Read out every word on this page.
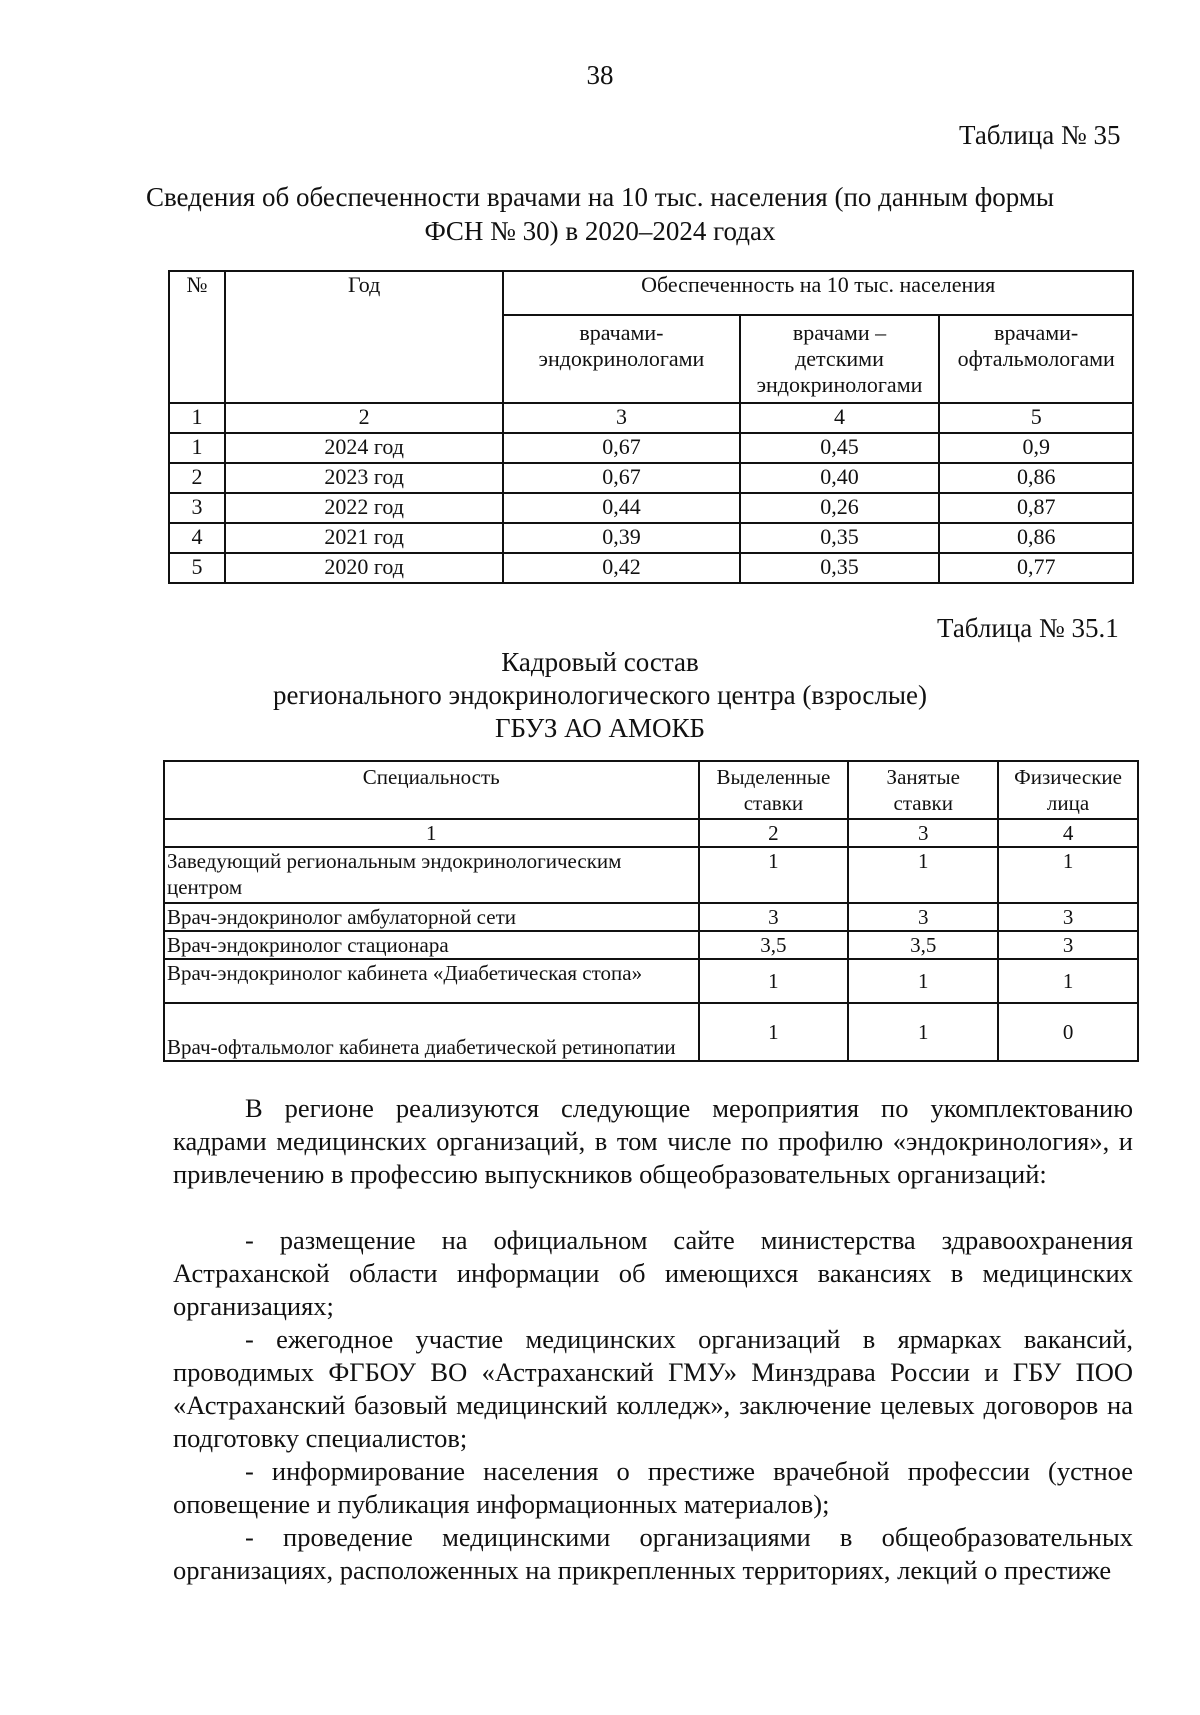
38
Таблица № 35
Сведения об обеспеченности врачами на 10 тыс. населения (по данным формы
ФСН № 30) в 2020–2024 годах
№	Год	Обеспеченность на 10 тыс. населения		
		врачами-эндокринологами	врачами – детскими эндокринологами	врачами-офтальмологами
1	2	3	4	5
1	2024 год	0,67	0,45	0,9
2	2023 год	0,67	0,40	0,86
3	2022 год	0,44	0,26	0,87
4	2021 год	0,39	0,35	0,86
5	2020 год	0,42	0,35	0,77
Таблица № 35.1
Кадровый состав
регионального эндокринологического центра (взрослые)
ГБУЗ АО АМОКБ
Специальность	Выделенные ставки	Занятые ставки	Физические лица
1	2	3	4
Заведующий региональным эндокринологическим центром	1	1	1
Врач-эндокринолог амбулаторной сети	3	3	3
Врач-эндокринолог стационара	3,5	3,5	3
Врач-эндокринолог кабинета «Диабетическая стопа»	1	1	1
Врач-офтальмолог кабинета диабетической ретинопатии	1	1	0
В регионе реализуются следующие мероприятия по укомплектованию кадрами медицинских организаций, в том числе по профилю «эндокринология», и привлечению в профессию выпускников общеобразовательных организаций:
- размещение на официальном сайте министерства здравоохранения Астраханской области информации об имеющихся вакансиях в медицинских организациях;
- ежегодное участие медицинских организаций в ярмарках вакансий, проводимых ФГБОУ ВО «Астраханский ГМУ» Минздрава России и ГБУ ПОО «Астраханский базовый медицинский колледж», заключение целевых договоров на подготовку специалистов;
- информирование населения о престиже врачебной профессии (устное оповещение и публикация информационных материалов);
- проведение медицинскими организациями в общеобразовательных организациях, расположенных на прикрепленных территориях, лекций о престиже
